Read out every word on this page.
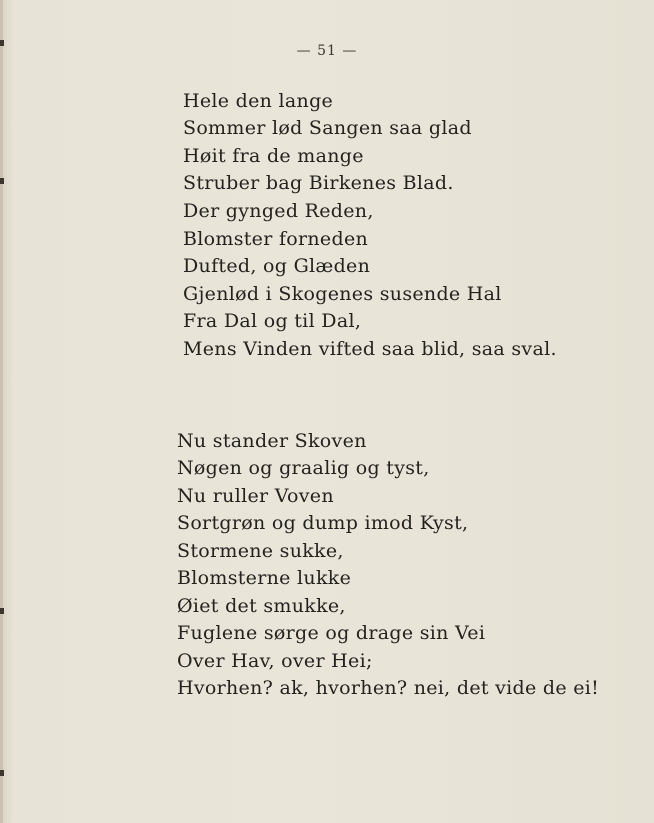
— 51 —
Hele den lange
Sommer lød Sangen saa glad
Høit fra de mange
Struber bag Birkenes Blad.
Der gynged Reden,
Blomster forneden
Dufted, og Glæden
Gjenlød i Skogenes susende Hal
Fra Dal og til Dal,
Mens Vinden vifted saa blid, saa sval.
Nu stander Skoven
Nøgen og graalig og tyst,
Nu ruller Voven
Sortgrøn og dump imod Kyst,
Stormene sukke,
Blomsterne lukke
Øiet det smukke,
Fuglene sørge og drage sin Vei
Over Hav, over Hei;
Hvorhen? ak, hvorhen? nei, det vide de ei!
